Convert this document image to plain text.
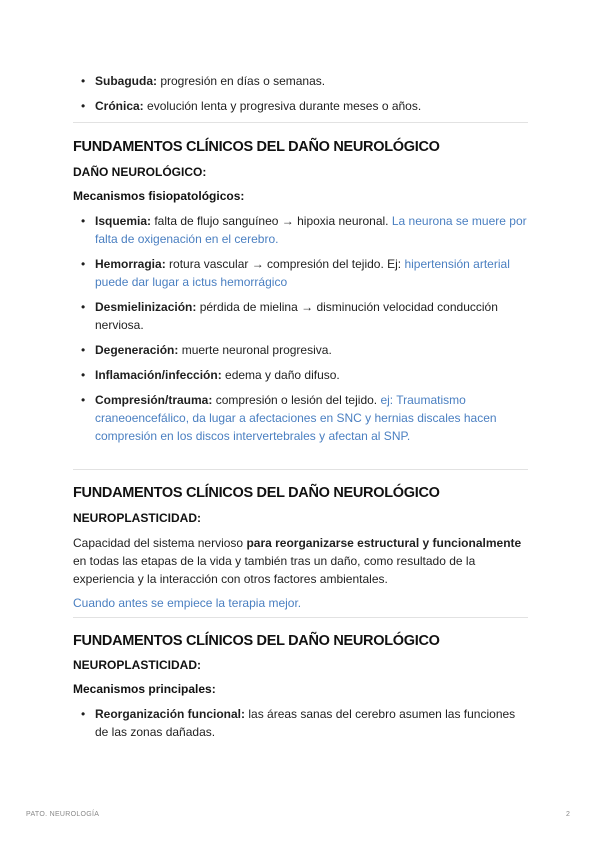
• Subaguda: progresión en días o semanas.
• Crónica: evolución lenta y progresiva durante meses o años.
FUNDAMENTOS CLÍNICOS DEL DAÑO NEUROLÓGICO
DAÑO NEUROLÓGICO:
Mecanismos fisiopatológicos:
• Isquemia: falta de flujo sanguíneo → hipoxia neuronal. La neurona se muere por falta de oxigenación en el cerebro.
• Hemorragia: rotura vascular → compresión del tejido. Ej: hipertensión arterial puede dar lugar a ictus hemorrágico
• Desmielinización: pérdida de mielina → disminución velocidad conducción nerviosa.
• Degeneración: muerte neuronal progresiva.
• Inflamación/infección: edema y daño difuso.
• Compresión/trauma: compresión o lesión del tejido. ej: Traumatismo craneoencefálico, da lugar a afectaciones en SNC y hernias discales hacen compresión en los discos intervertebrales y afectan al SNP.
FUNDAMENTOS CLÍNICOS DEL DAÑO NEUROLÓGICO
NEUROPLASTICIDAD:

Capacidad del sistema nervioso para reorganizarse estructural y funcionalmente en todas las etapas de la vida y también tras un daño, como resultado de la experiencia y la interacción con otros factores ambientales.

Cuando antes se empiece la terapia mejor.

FUNDAMENTOS CLÍNICOS DEL DAÑO NEUROLÓGICO
NEUROPLASTICIDAD:
Mecanismos principales:
• Reorganización funcional: las áreas sanas del cerebro asumen las funciones de las zonas dañadas.
PATO. NEUROLOGÍA	2
